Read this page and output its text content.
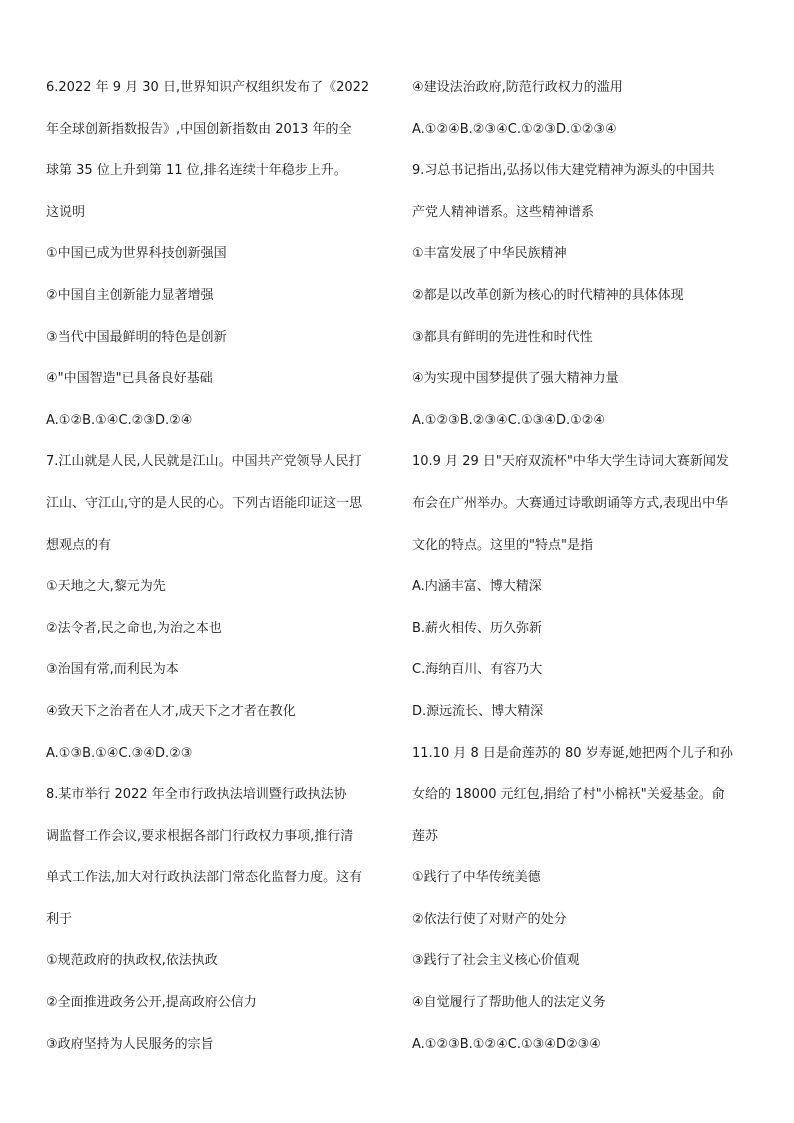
6.2022 年 9 月 30 日,世界知识产权组织发布了《2022
年全球创新指数报告》,中国创新指数由 2013 年的全
球第 35 位上升到第 11 位,排名连续十年稳步上升。
这说明
①中国已成为世界科技创新强国
②中国自主创新能力显著增强
③当代中国最鲜明的特色是创新
④"中国智造"已具备良好基础
A.①②B.①④C.②③D.②④
7.江山就是人民,人民就是江山。中国共产党领导人民打
江山、守江山,守的是人民的心。下列古语能印证这一思
想观点的有
①天地之大,黎元为先
②法令者,民之命也,为治之本也
③治国有常,而利民为本
④致天下之治者在人才,成天下之才者在教化
A.①③B.①④C.③④D.②③
8.某市举行 2022 年全市行政执法培训暨行政执法协
调监督工作会议,要求根据各部门行政权力事项,推行清
单式工作法,加大对行政执法部门常态化监督力度。这有
利于
①规范政府的执政权,依法执政
②全面推进政务公开,提高政府公信力
③政府坚持为人民服务的宗旨
④建设法治政府,防范行政权力的滥用
A.①②④B.②③④C.①②③D.①②③④
9.习总书记指出,弘扬以伟大建党精神为源头的中国共
产党人精神谱系。这些精神谱系
①丰富发展了中华民族精神
②都是以改革创新为核心的时代精神的具体体现
③都具有鲜明的先进性和时代性
④为实现中国梦提供了强大精神力量
A.①②③B.②③④C.①③④D.①②④
10.9 月 29 日"天府双流杯"中华大学生诗词大赛新闻发
布会在广州举办。大赛通过诗歌朗诵等方式,表现出中华
文化的特点。这里的"特点"是指
A.内涵丰富、博大精深
B.薪火相传、历久弥新
C.海纳百川、有容乃大
D.源远流长、博大精深
11.10 月 8 日是俞莲苏的 80 岁寿诞,她把两个儿子和孙
女给的 18000 元红包,捐给了村"小棉袄"关爱基金。俞
莲苏
①践行了中华传统美德
②依法行使了对财产的处分
③践行了社会主义核心价值观
④自觉履行了帮助他人的法定义务
A.①②③B.①②④C.①③④D②③④
